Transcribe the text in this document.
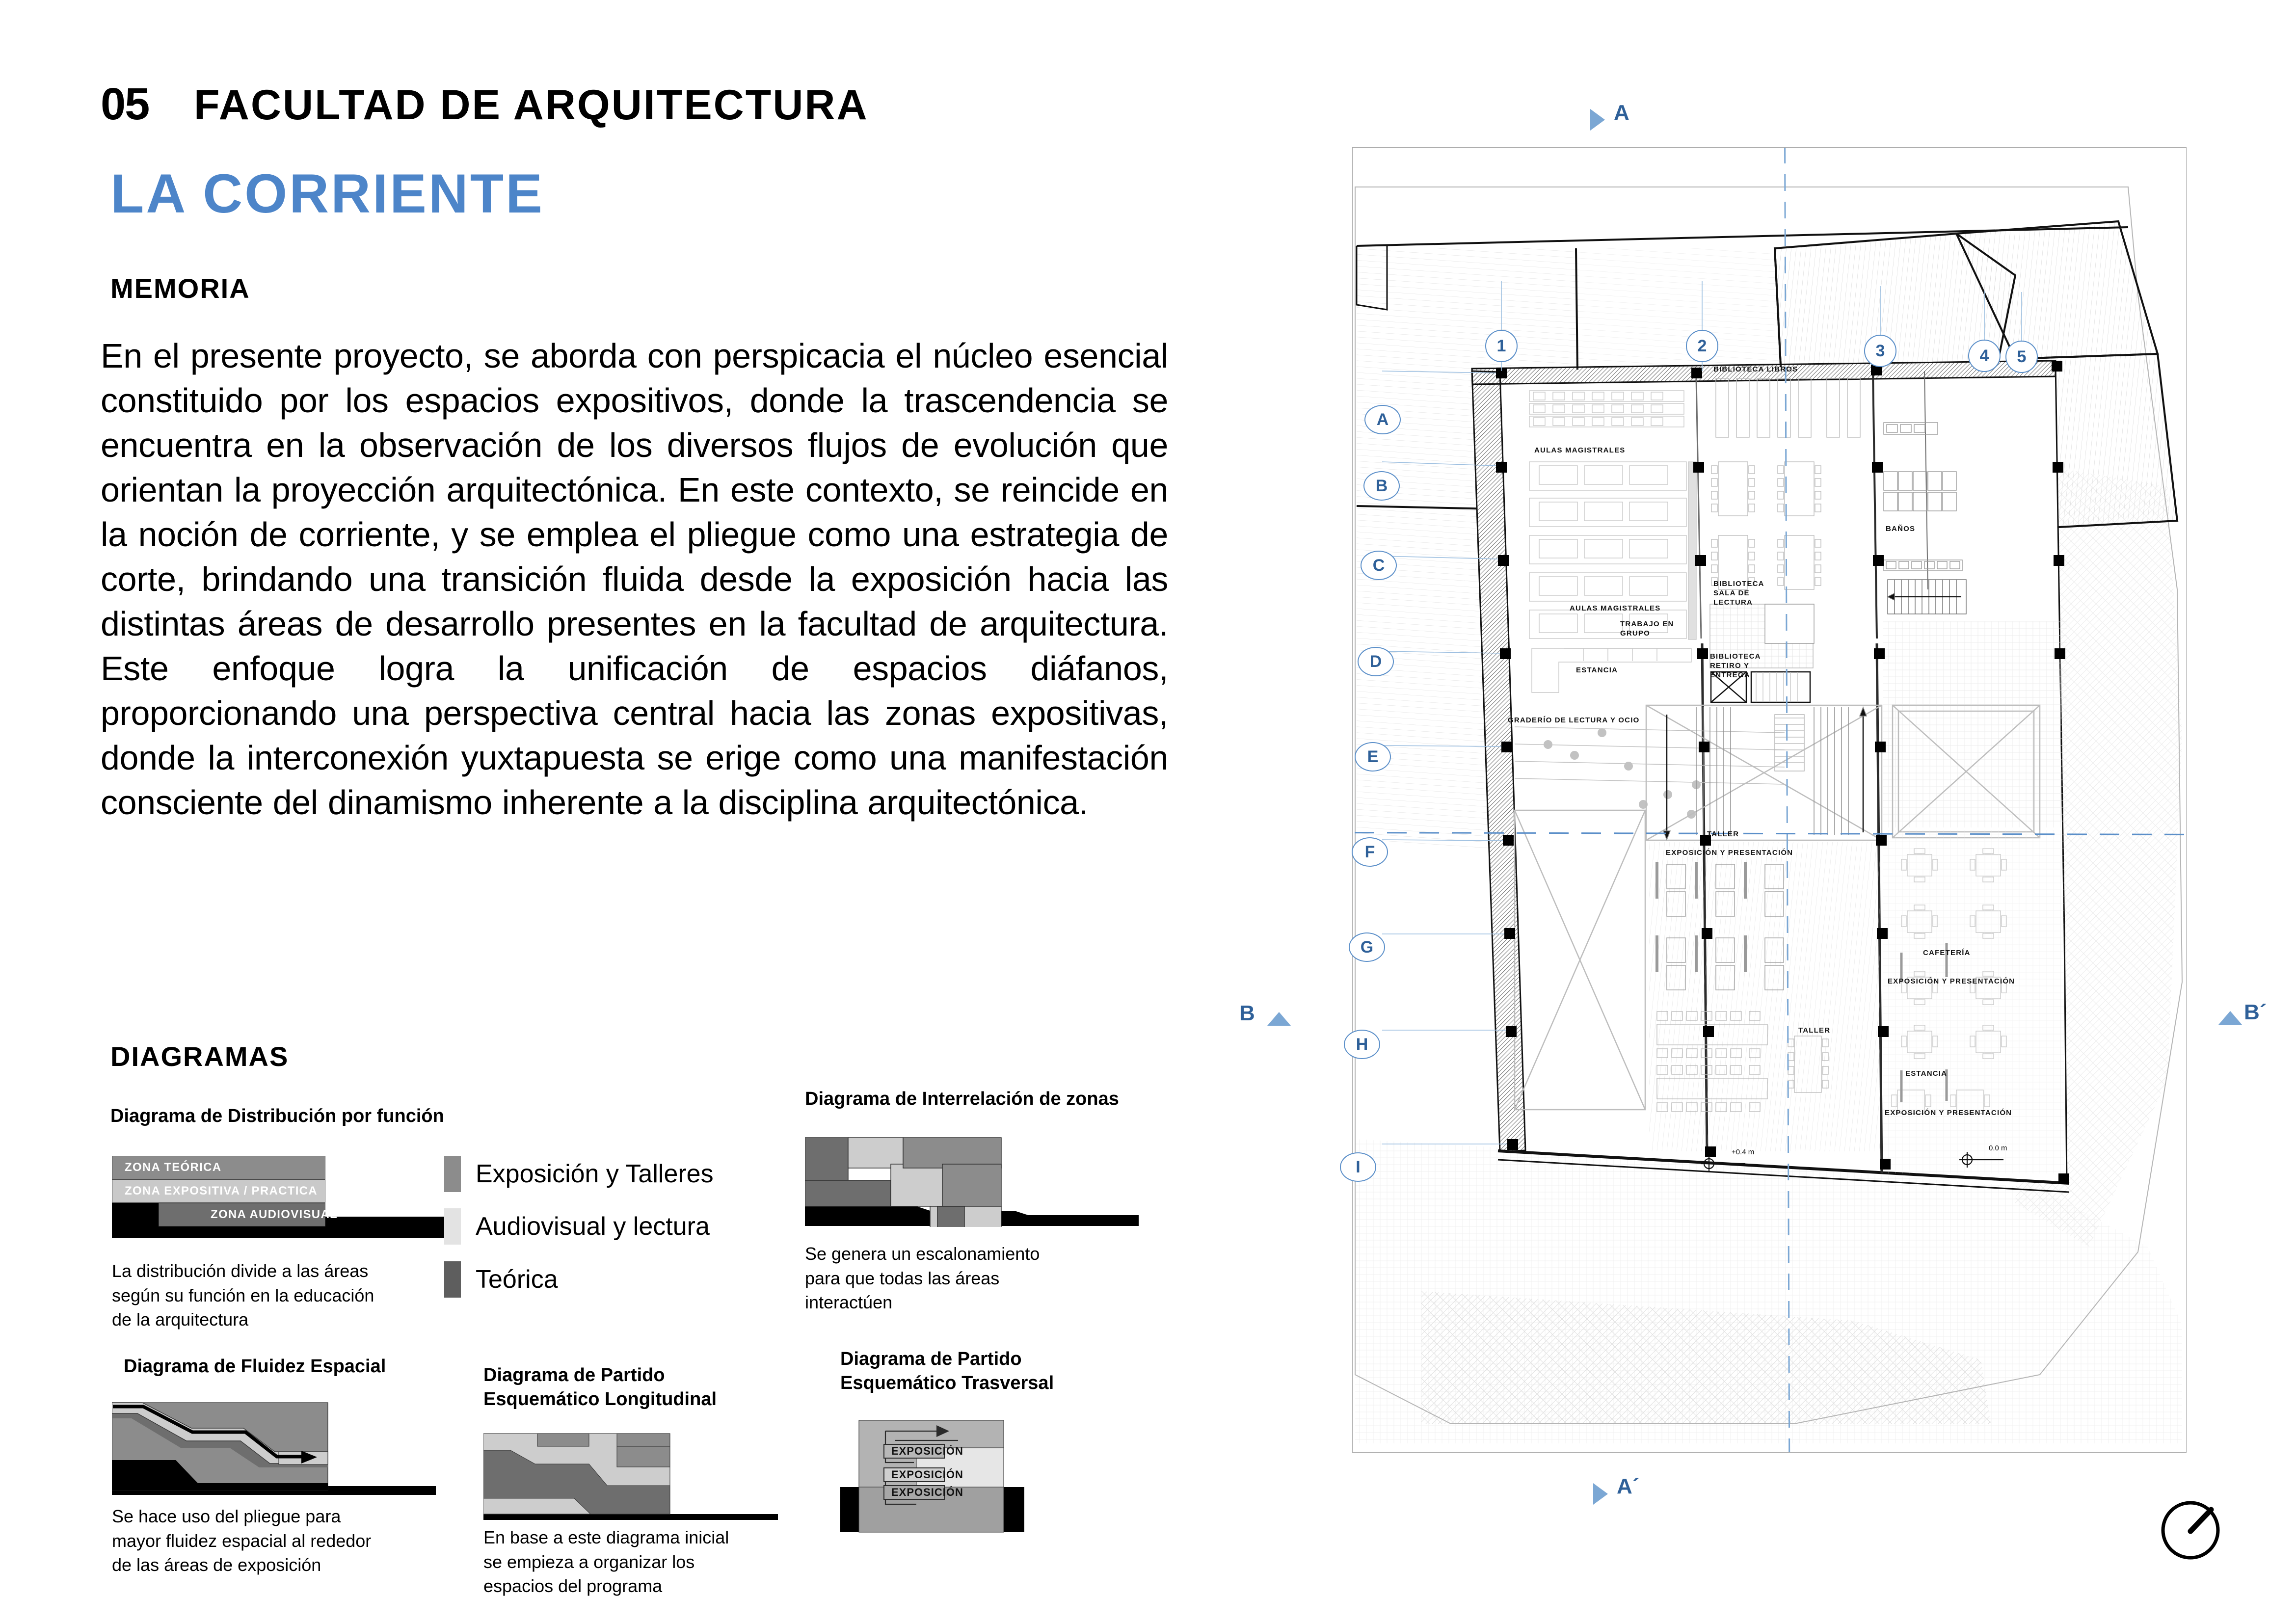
05 FACULTAD DE ARQUITECTURA
LA CORRIENTE
MEMORIA
En el presente proyecto, se aborda con perspicacia el núcleo esencial constituido por los espacios expositivos, donde la trascendencia se encuentra en la observación de los diversos flujos de evolución que orientan la proyección arquitectónica. En este contexto, se reincide en la noción de corriente, y se emplea el pliegue como una estrategia de corte, brindando una transición fluida desde la exposición hacia las distintas áreas de desarrollo presentes en la facultad de arquitectura. Este enfoque logra la unificación de espacios diáfanos, proporcionando una perspectiva central hacia las zonas expositivas, donde la interconexión yuxtapuesta se erige como una manifestación consciente del dinamismo inherente a la disciplina arquitectónica.
DIAGRAMAS
Diagrama de Distribución por función
ZONA TEÓRICA
ZONA EXPOSITIVA / PRACTICA
ZONA AUDIOVISUAL
La distribución divide a las áreas según su función en la educación de la arquitectura
Exposición y Talleres
Audiovisual y lectura
Teórica
Diagrama de Interrelación de zonas
Se genera un escalonamiento para que todas las áreas interactúen
Diagrama de Fluidez Espacial
Se hace uso del pliegue para mayor fluidez espacial al rededor de las áreas de exposición
Diagrama de Partido Esquemático Longitudinal
En base a este diagrama inicial se empieza a organizar los espacios del programa
Diagrama de Partido Esquemático Trasversal
EXPOSICIÓN
EXPOSICIÓN
EXPOSICIÓN
AULAS MAGISTRALES
BIBLIOTECA LIBROS
TRABAJO EN GRUPO
BIBLIOTECA SALA DE LECTURA
ESTANCIA
BIBLIOTECA RETIRO Y ENTREGA
BAÑOS
GRADERÍO DE LECTURA Y OCIO
EXPOSICIÓN Y PRESENTACIÓN
CAFETERÍA
EXPOSICIÓN Y PRESENTACIÓN
TALLER
EXPOSICIÓN Y PRESENTACIÓN
ESTANCIA
AULAS MAGISTRALES
TALLER
+0.4 m	0.0 m
1	2	3	4	5
A
B
C
D
E
F
G
H
I
A
A´
B	B´
